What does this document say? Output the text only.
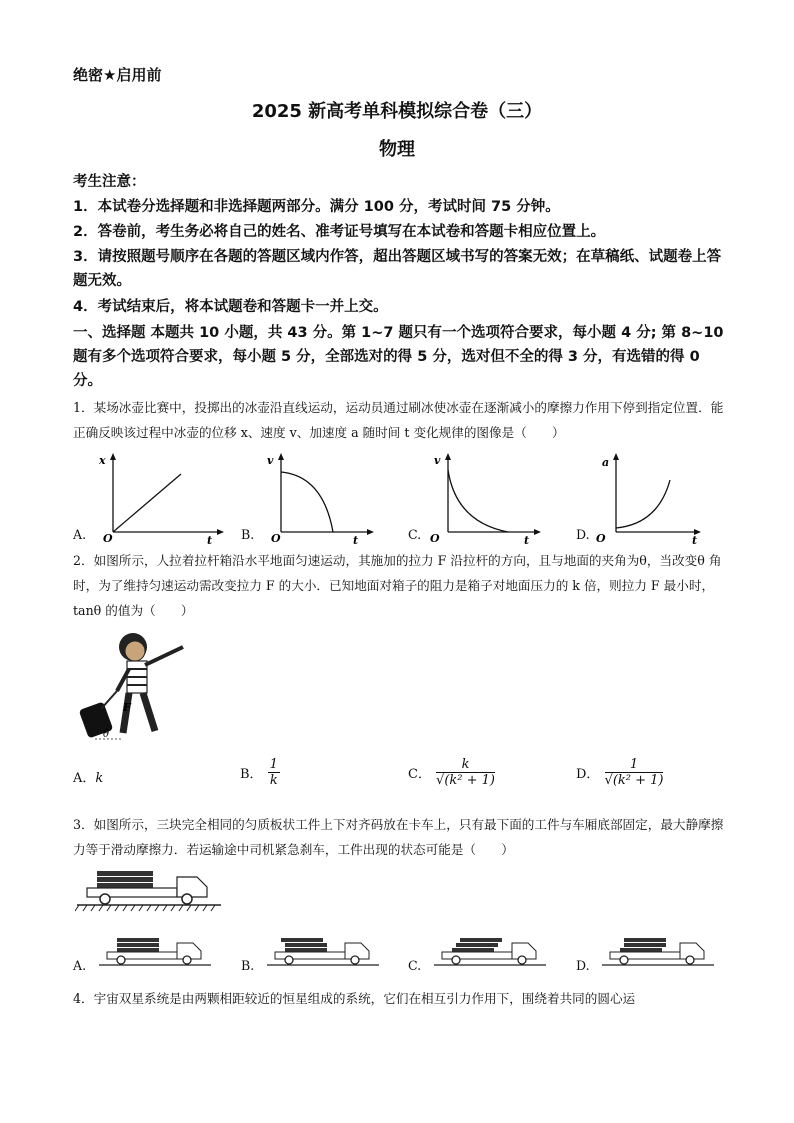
绝密★启用前
2025 新高考单科模拟综合卷（三）
物理
考生注意：
1．本试卷分选择题和非选择题两部分。满分 100 分，考试时间 75 分钟。
2．答卷前，考生务必将自己的姓名、准考证号填写在本试卷和答题卡相应位置上。
3．请按照题号顺序在各题的答题区域内作答，超出答题区域书写的答案无效；在草稿纸、试题卷上答题无效。
4．考试结束后，将本试题卷和答题卡一并上交。
一、选择题 本题共 10 小题，共 43 分。第 1~7 题只有一个选项符合要求，每小题 4 分; 第 8~10 题有多个选项符合要求，每小题 5 分，全部选对的得 5 分，选对但不全的得 3 分，有选错的得 0 分。
1．某场冰壶比赛中，投掷出的冰壶沿直线运动，运动员通过刷冰使冰壶在逐渐减小的摩擦力作用下停到指定位置．能正确反映该过程中冰壶的位移 x、速度 v、加速度 a 随时间 t 变化规律的图像是（　　）
A.
x
O	t B.
v
O	t	C.
v
O	t	D.
a
O	t
2．如图所示，人拉着拉杆箱沿水平地面匀速运动，其施加的拉力 F 沿拉杆的方向，且与地面的夹角为θ，当改变θ 角时，为了维持匀速运动需改变拉力 F 的大小．已知地面对箱子的阻力是箱子对地面压力的 k 倍，则拉力 F 最小时，tanθ 的值为（　　）
F
θ
A．k	B． $\frac{1}{k}$	C． $\frac{k}{\text{√(k² + 1)}}$	D． $\frac{1}{\text{√(k² + 1)}}$
3．如图所示，三块完全相同的匀质板状工件上下对齐码放在卡车上，只有最下面的工件与车厢底部固定，最大静摩擦力等于滑动摩擦力．若运输途中司机紧急刹车，工件出现的状态可能是（　　）
A.	B.	C.	D.
4．宇宙双星系统是由两颗相距较近的恒星组成的系统，它们在相互引力作用下，围绕着共同的圆心运
